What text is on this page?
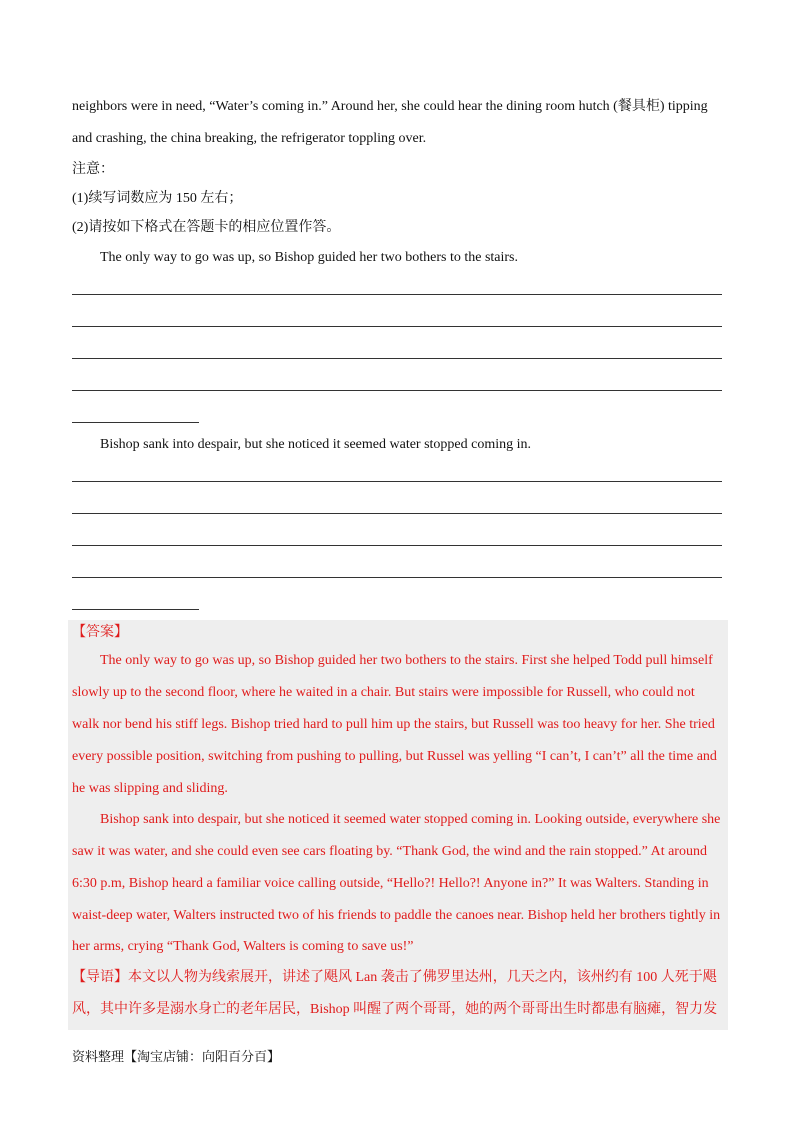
neighbors were in need, “Water’s coming in.” Around her, she could hear the dining room hutch (餐具柜) tipping
and crashing, the china breaking, the refrigerator toppling over.
注意：
(1)续写词数应为 150 左右；
(2)请按如下格式在答题卡的相应位置作答。
The only way to go was up, so Bishop guided her two bothers to the stairs.
Bishop sank into despair, but she noticed it seemed water stopped coming in.
【答案】
The only way to go was up, so Bishop guided her two bothers to the stairs. First she helped Todd pull himself
slowly up to the second floor, where he waited in a chair. But stairs were impossible for Russell, who could not
walk nor bend his stiff legs. Bishop tried hard to pull him up the stairs, but Russell was too heavy for her. She tried
every possible position, switching from pushing to pulling, but Russel was yelling “I can’t, I can’t” all the time and
he was slipping and sliding.
Bishop sank into despair, but she noticed it seemed water stopped coming in. Looking outside, everywhere she
saw it was water, and she could even see cars floating by. “Thank God, the wind and the rain stopped.” At around
6:30 p.m, Bishop heard a familiar voice calling outside, “Hello?! Hello?! Anyone in?” It was Walters. Standing in
waist-deep water, Walters instructed two of his friends to paddle the canoes near. Bishop held her brothers tightly in
her arms, crying “Thank God, Walters is coming to save us!”
【导语】本文以人物为线索展开，讲述了飓风 Lan 袭击了佛罗里达州，几天之内，该州约有 100 人死于飓
风，其中许多是溺水身亡的老年居民，Bishop 叫醒了两个哥哥，她的两个哥哥出生时都患有脑瘫，智力发
资料整理【淘宝店铺：向阳百分百】
